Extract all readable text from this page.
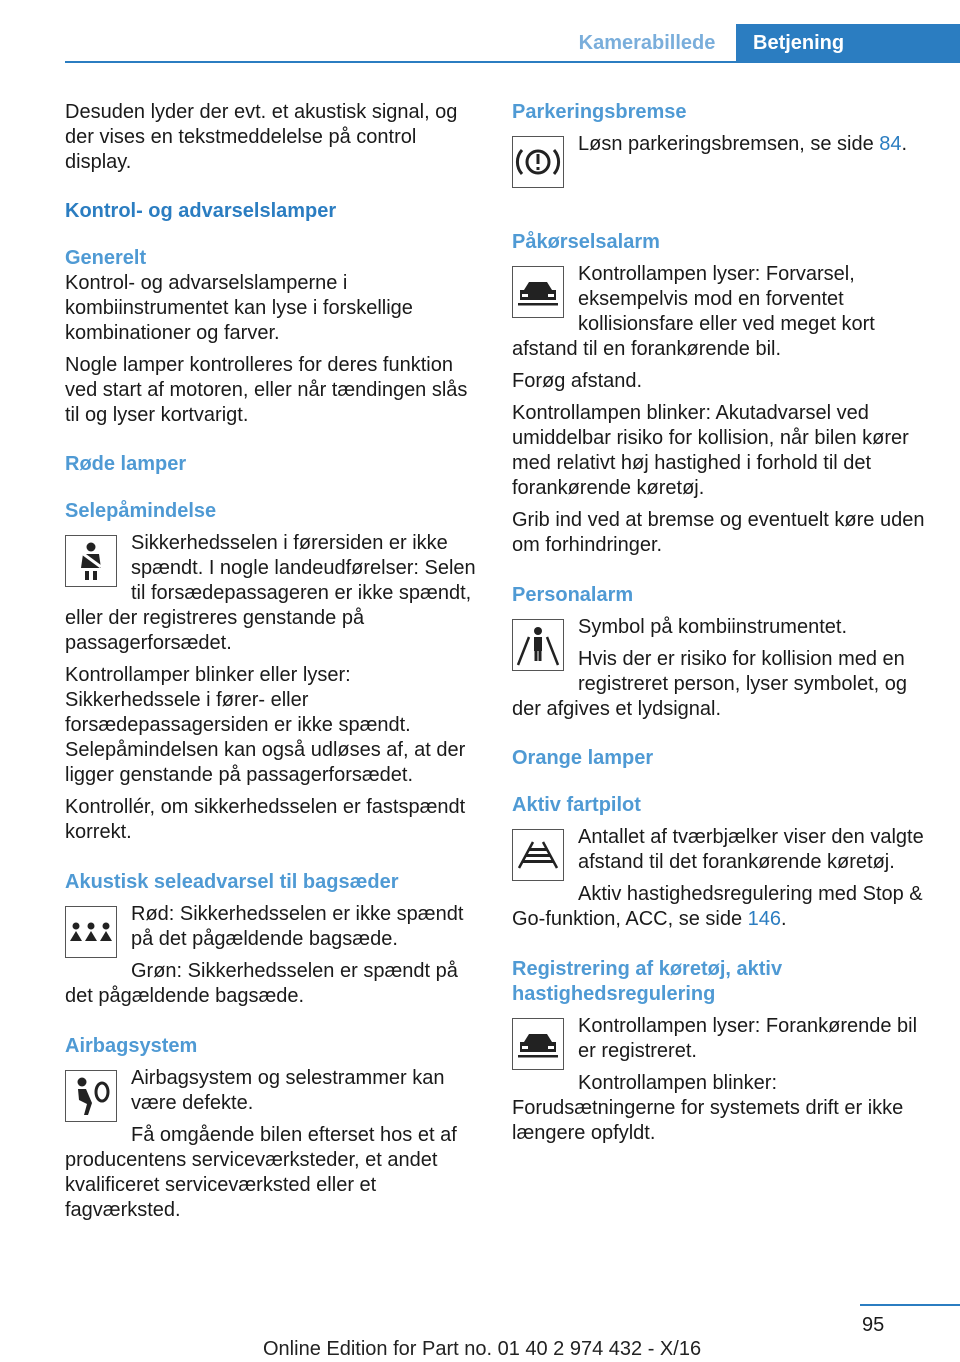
Kamerabillede	Betjening

Desuden lyder der evt. et akustisk signal, og der vises en tekstmeddelelse på control display.

Kontrol- og advarselslamper

Generelt

Kontrol- og advarselslamperne i kombiinstrumentet kan lyse i forskellige kombinationer og farver.

Nogle lamper kontrolleres for deres funktion ved start af motoren, eller når tændingen slås til og lyser kortvarigt.

Røde lamper

Selepåmindelse

Sikkerhedsselen i førersiden er ikke spændt. I nogle landeudførelser: Selen til forsædepassageren er ikke spændt, eller der registreres genstande på passagerforsædet.

Kontrollamper blinker eller lyser: Sikkerhedssele i fører- eller forsædepassagersiden er ikke spændt. Selepåmindelsen kan også udløses af, at der ligger genstande på passagerforsædet.

Kontrollér, om sikkerhedsselen er fastspændt korrekt.

Akustisk seleadvarsel til bagsæder

Rød: Sikkerhedsselen er ikke spændt på det pågældende bagsæde.

Grøn: Sikkerhedsselen er spændt på det pågældende bagsæde.

Airbagsystem

Airbagsystem og selestrammer kan være defekte.

Få omgående bilen efterset hos et af producentens serviceværksteder, et andet kvalificeret serviceværksted eller et fagværksted.

Parkeringsbremse

Løsn parkeringsbremsen, se side 84.

Påkørselsalarm

Kontrollampen lyser: Forvarsel, eksempelvis mod en forventet kollisionsfare eller ved meget kort afstand til en forankørende bil.

Forøg afstand.

Kontrollampen blinker: Akutadvarsel ved umiddelbar risiko for kollision, når bilen kører med relativt høj hastighed i forhold til det forankørende køretøj.

Grib ind ved at bremse og eventuelt køre uden om forhindringer.

Personalarm

Symbol på kombiinstrumentet.

Hvis der er risiko for kollision med en registreret person, lyser symbolet, og der afgives et lydsignal.

Orange lamper

Aktiv fartpilot

Antallet af tværbjælker viser den valgte afstand til det forankørende køretøj.

Aktiv hastighedsregulering med Stop & Go-funktion, ACC, se side 146.

Registrering af køretøj, aktiv hastighedsregulering

Kontrollampen lyser: Forankørende bil er registreret.

Kontrollampen blinker: Forudsætningerne for systemets drift er ikke længere opfyldt.

95
Online Edition for Part no. 01 40 2 974 432 - X/16
